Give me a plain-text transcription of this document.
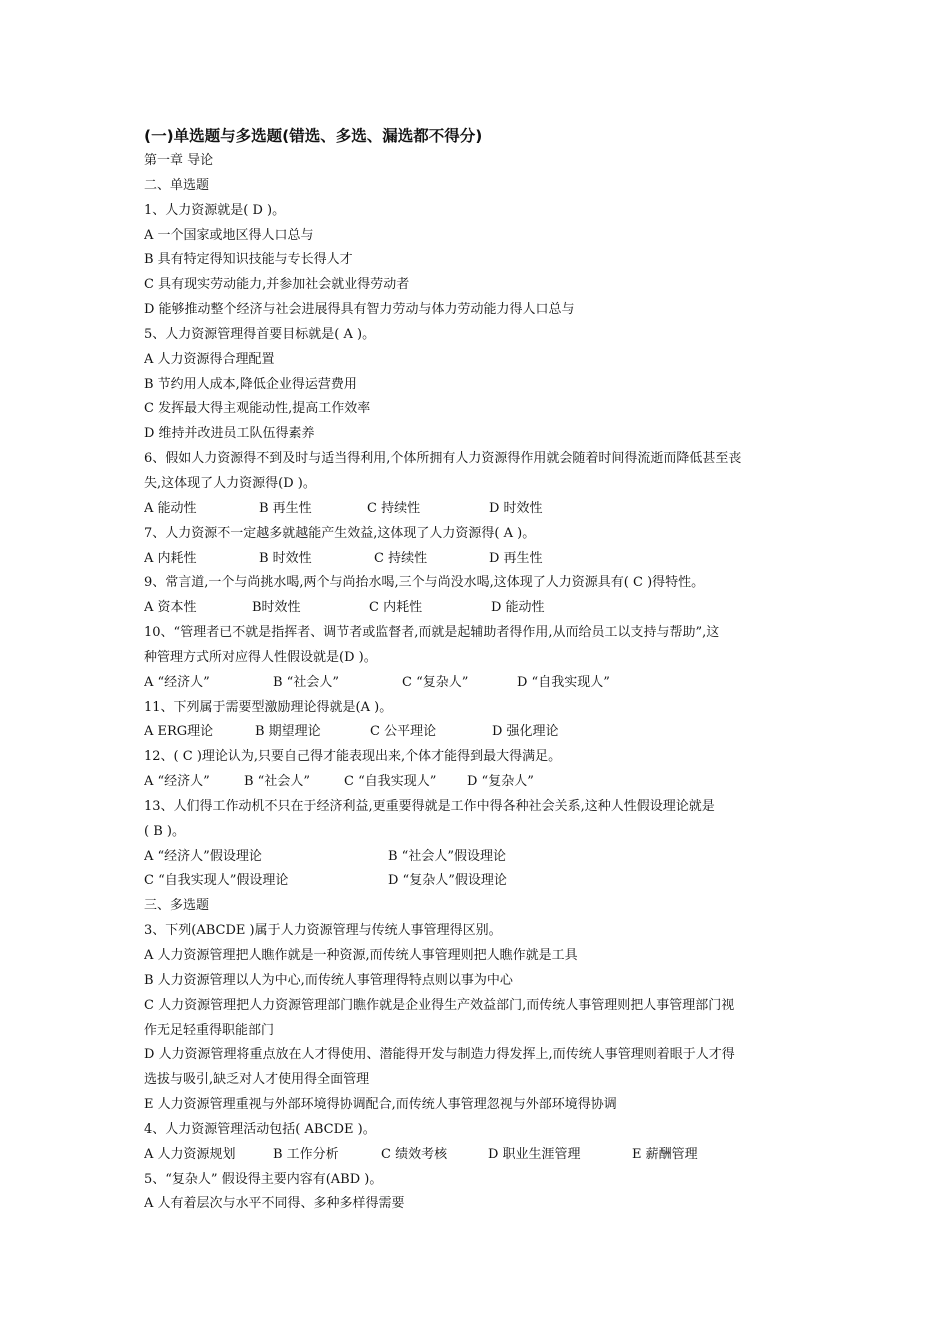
(一)单选题与多选题(错选、多选、漏选都不得分)
第一章 导论
二、单选题
1、人力资源就是( D )。
A 一个国家或地区得人口总与
B 具有特定得知识技能与专长得人才
C 具有现实劳动能力,并参加社会就业得劳动者
D 能够推动整个经济与社会进展得具有智力劳动与体力劳动能力得人口总与
5、人力资源管理得首要目标就是( A )。
A 人力资源得合理配置
B 节约用人成本,降低企业得运营费用
C 发挥最大得主观能动性,提高工作效率
D 维持并改进员工队伍得素养
6、假如人力资源得不到及时与适当得利用,个体所拥有人力资源得作用就会随着时间得流逝而降低甚至丧
失,这体现了人力资源得(D )。
A 能动性	B 再生性	C 持续性	D 时效性
7、人力资源不一定越多就越能产生效益,这体现了人力资源得( A )。
A 内耗性	B 时效性	C 持续性	D 再生性
9、常言道,一个与尚挑水喝,两个与尚抬水喝,三个与尚没水喝,这体现了人力资源具有( C )得特性。
A 资本性	B时效性	C 内耗性	D 能动性
10、“管理者已不就是指挥者、调节者或监督者,而就是起辅助者得作用,从而给员工以支持与帮助”,这
种管理方式所对应得人性假设就是(D )。
A “经济人”	B “社会人”	C “复杂人”	D “自我实现人”
11、下列属于需要型激励理论得就是(A )。
A ERG理论	B 期望理论	C 公平理论	D 强化理论
12、( C )理论认为,只要自己得才能表现出来,个体才能得到最大得满足。
A “经济人”	B “社会人”	C “自我实现人”	D “复杂人”
13、人们得工作动机不只在于经济利益,更重要得就是工作中得各种社会关系,这种人性假设理论就是
( B )。
A “经济人”假设理论	B “社会人”假设理论
C “自我实现人”假设理论	D “复杂人”假设理论
三、多选题
3、下列(ABCDE )属于人力资源管理与传统人事管理得区别。
A 人力资源管理把人瞧作就是一种资源,而传统人事管理则把人瞧作就是工具
B 人力资源管理以人为中心,而传统人事管理得特点则以事为中心
C 人力资源管理把人力资源管理部门瞧作就是企业得生产效益部门,而传统人事管理则把人事管理部门视
作无足轻重得职能部门
D 人力资源管理将重点放在人才得使用、潜能得开发与制造力得发挥上,而传统人事管理则着眼于人才得
选拔与吸引,缺乏对人才使用得全面管理
E 人力资源管理重视与外部环境得协调配合,而传统人事管理忽视与外部环境得协调
4、人力资源管理活动包括( ABCDE )。
A 人力资源规划	B 工作分析	C 绩效考核	D 职业生涯管理	E 薪酬管理
5、“复杂人” 假设得主要内容有(ABD )。
A 人有着层次与水平不同得、多种多样得需要
